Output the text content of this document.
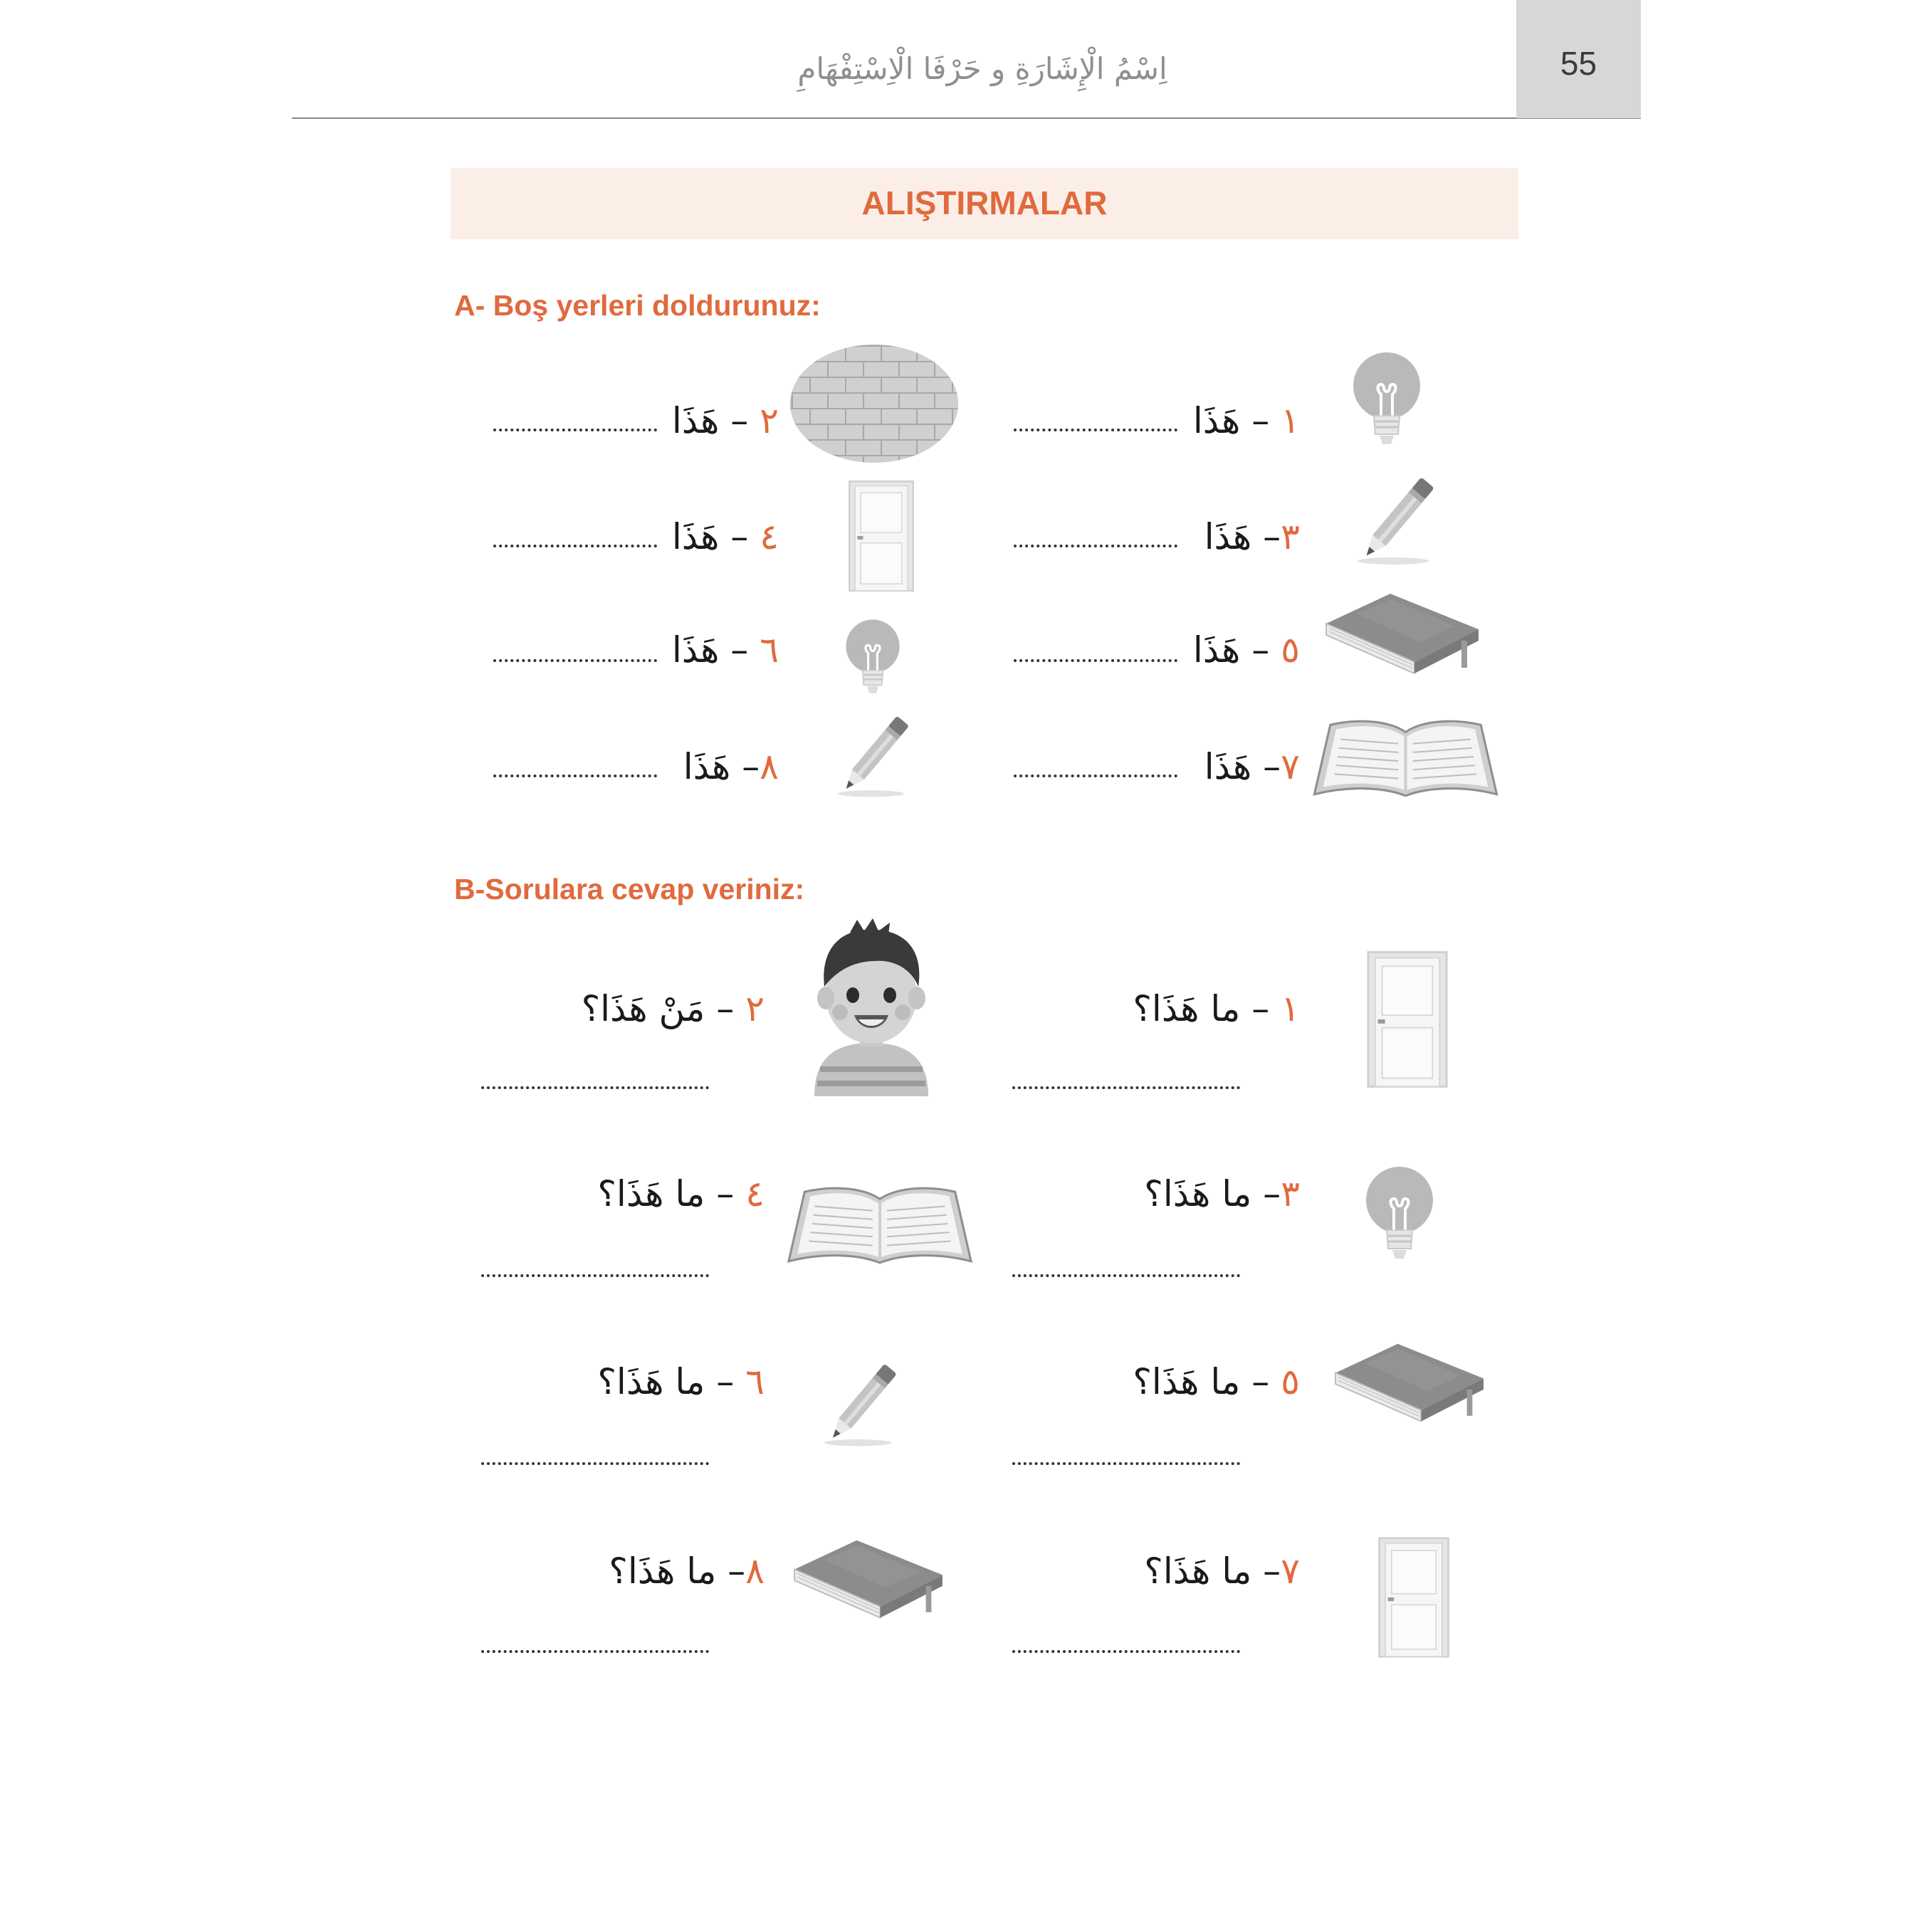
اِسْمُ الْإِشَارَةِ و حَرْفَا الْاِسْتِفْهَامِ	55
ALIŞTIRMALAR
A- Boş yerleri doldurunuz:
١ – هَذَا
٢ – هَذَا
٣– هَذَا
٤ – هَذَا
٥ – هَذَا
٦ – هَذَا
٧– هَذَا
٨– هَذَا
B-Sorulara cevap veriniz:
١ – ما هَذَا؟
٢ – مَنْ هَذَا؟
٣– ما هَذَا؟
٤ – ما هَذَا؟
٥ – ما هَذَا؟
٦ – ما هَذَا؟
٧– ما هَذَا؟
٨– ما هَذَا؟
